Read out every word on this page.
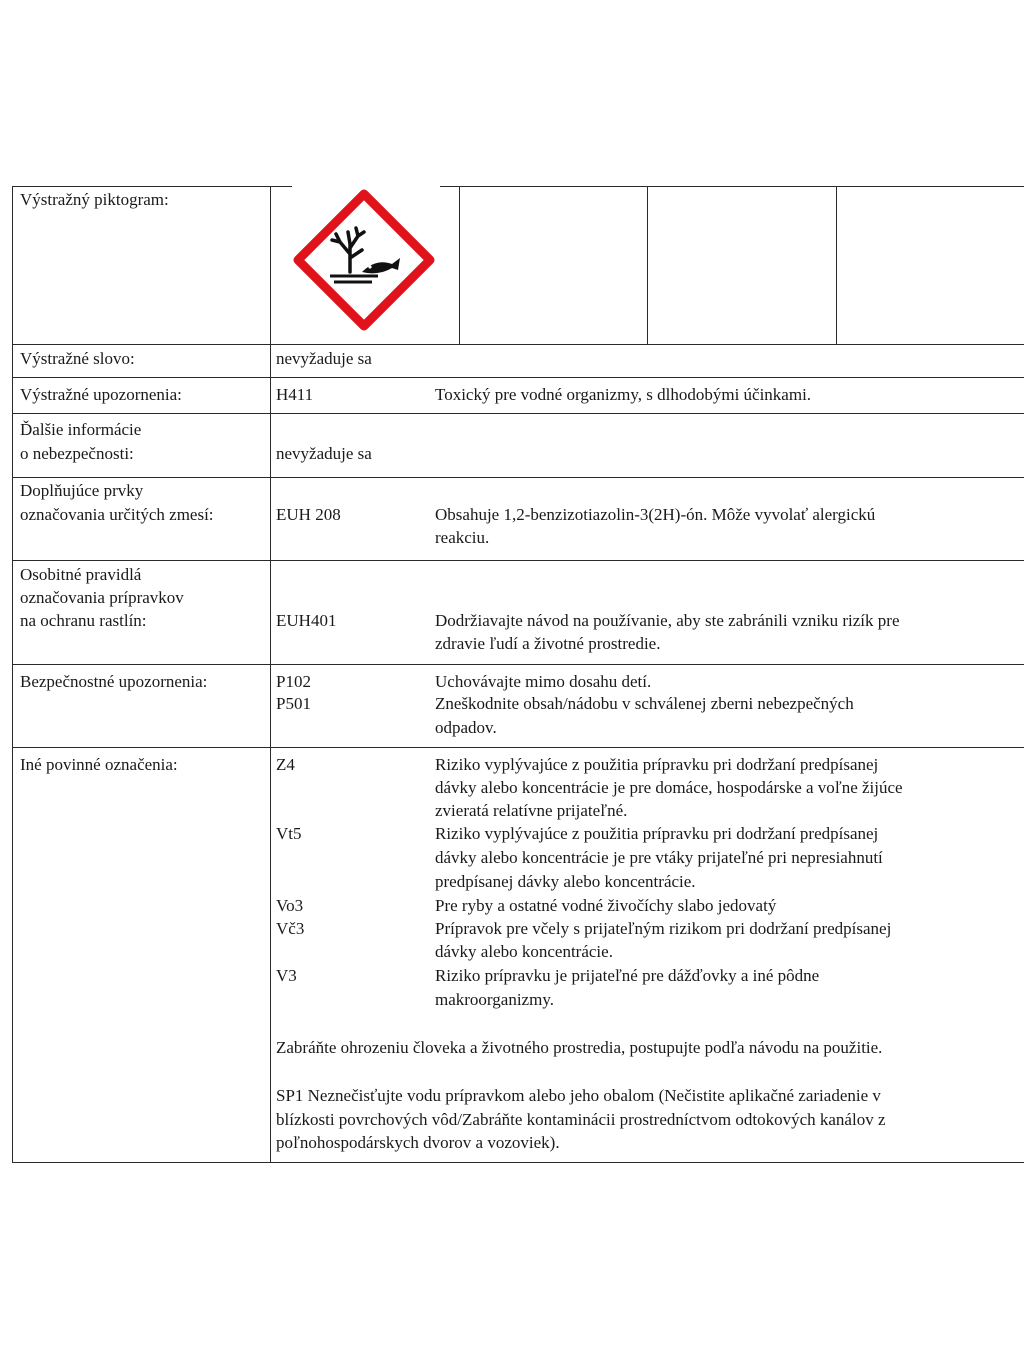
Výstražný piktogram:
Výstražné slovo:	nevyžaduje sa
Výstražné upozornenia:	H411	Toxický pre vodné organizmy, s dlhodobými účinkami.
Ďalšie informácie
o nebezpečnosti:	nevyžaduje sa
Doplňujúce prvky
označovania určitých zmesí:	EUH 208	Obsahuje 1,2-benzizotiazolin-3(2H)-ón. Môže vyvolať alergickú
reakciu.
Osobitné pravidlá
označovania prípravkov
na ochranu rastlín:	EUH401	Dodržiavajte návod na používanie, aby ste zabránili vzniku rizík pre
zdravie ľudí a životné prostredie.
Bezpečnostné upozornenia:	P102	Uchovávajte mimo dosahu detí.
P501	Zneškodnite obsah/nádobu v schválenej zberni nebezpečných
odpadov.
Iné povinné označenia:	Z4	Riziko vyplývajúce z použitia prípravku pri dodržaní predpísanej
dávky alebo koncentrácie je pre domáce, hospodárske a voľne žijúce
zvieratá relatívne prijateľné.
Vt5	Riziko vyplývajúce z použitia prípravku pri dodržaní predpísanej
dávky alebo koncentrácie je pre vtáky prijateľné pri nepresiahnutí
predpísanej dávky alebo koncentrácie.
Vo3	Pre ryby a ostatné vodné živočíchy slabo jedovatý
Vč3	Prípravok pre včely s prijateľným rizikom pri dodržaní predpísanej
dávky alebo koncentrácie.
V3	Riziko prípravku je prijateľné pre dážďovky a iné pôdne
makroorganizmy.
Zabráňte ohrozeniu človeka a životného prostredia, postupujte podľa návodu na použitie.
SP1 Neznečisťujte vodu prípravkom alebo jeho obalom (Nečistite aplikačné zariadenie v
blízkosti povrchových vôd/Zabráňte kontaminácii prostredníctvom odtokových kanálov z
poľnohospodárskych dvorov a vozoviek).
